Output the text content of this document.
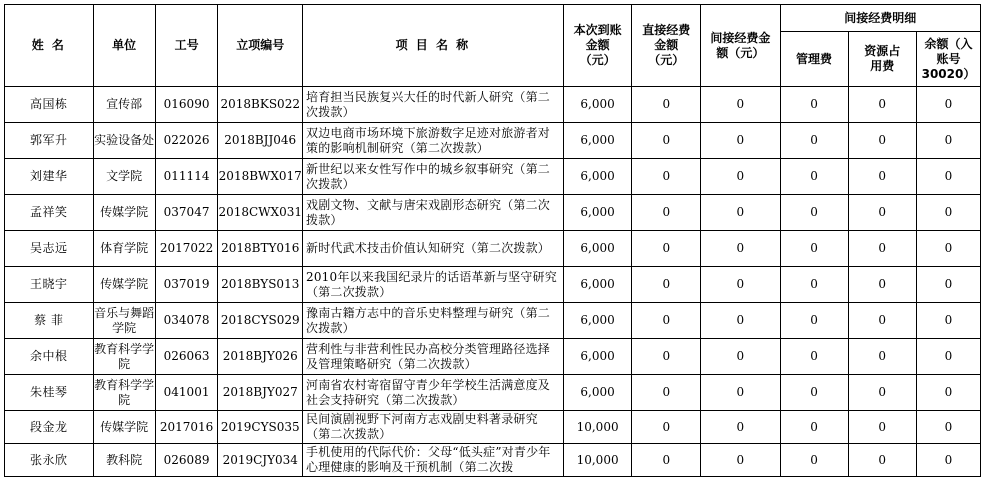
姓 名	单位	工号	立项编号	项 目 名 称	本次到账金额（元）	直接经费金额（元）	间接经费金额（元）	间接经费明细		
								管理费	资源占用费	余额（入账号30020）
高国栋	宣传部	016090	2018BKS022	培育担当民族复兴大任的时代新人研究（第二次拨款）	6,000	0	0	0	0	0
郭军升	实验设备处	022026	2018BJJ046	双边电商市场环境下旅游数字足迹对旅游者对策的影响机制研究（第二次拨款）	6,000	0	0	0	0	0
刘建华	文学院	011114	2018BWX017	新世纪以来女性写作中的城乡叙事研究（第二次拨款）	6,000	0	0	0	0	0
孟祥笑	传媒学院	037047	2018CWX031	戏剧文物、文献与唐宋戏剧形态研究（第二次拨款）	6,000	0	0	0	0	0
吴志远	体育学院	2017022	2018BTY016	新时代武术技击价值认知研究（第二次拨款）	6,000	0	0	0	0	0
王晓宇	传媒学院	037019	2018BYS013	2010年以来我国纪录片的话语革新与坚守研究（第二次拨款）	6,000	0	0	0	0	0
蔡 菲	音乐与舞蹈学院	034078	2018CYS029	豫南古籍方志中的音乐史料整理与研究（第二次拨款）	6,000	0	0	0	0	0
余中根	教育科学学院	026063	2018BJY026	营利性与非营利性民办高校分类管理路径选择及管理策略研究（第二次拨款）	6,000	0	0	0	0	0
朱桂琴	教育科学学院	041001	2018BJY027	河南省农村寄宿留守青少年学校生活满意度及社会支持研究（第二次拨款）	6,000	0	0	0	0	0
段金龙	传媒学院	2017016	2019CYS035	民间演剧视野下河南方志戏剧史料著录研究（第二次拨款）	10,000	0	0	0	0	0
张永欣	教科院	026089	2019CJY034	手机使用的代际代价：父母“低头症”对青少年心理健康的影响及干预机制（第二次拨	10,000	0	0	0	0	0
